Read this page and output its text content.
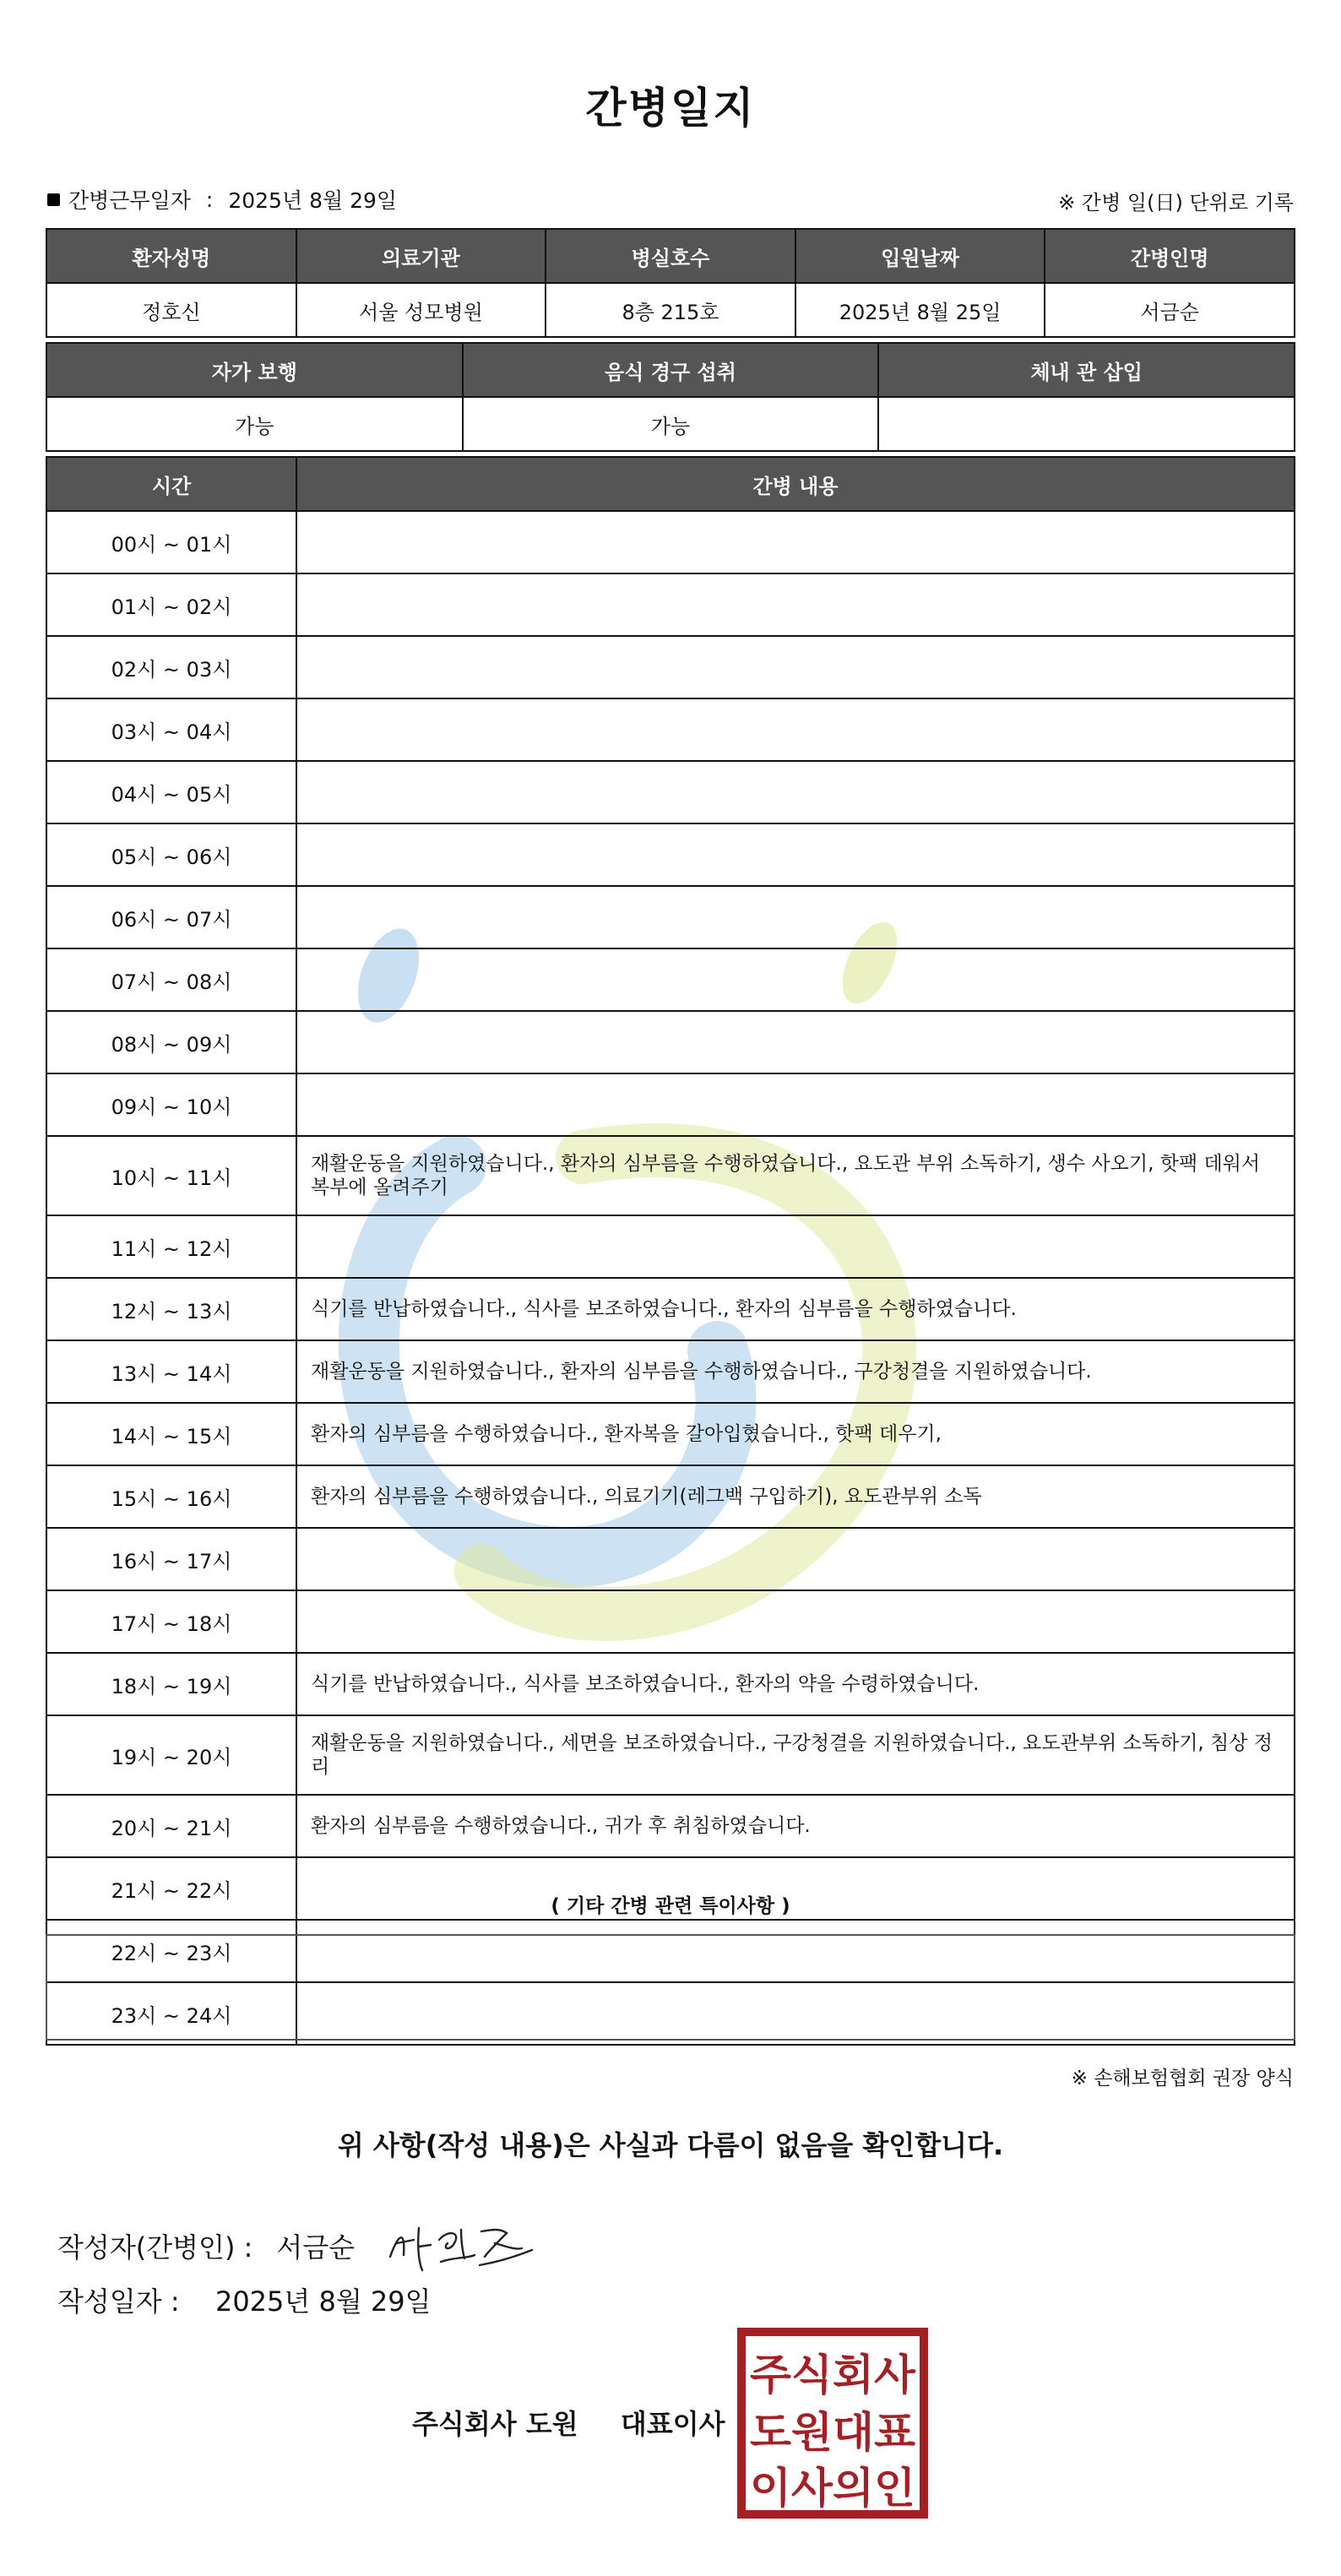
간병일지
간병근무일자 : 2025년 8월 29일	※ 간병 일(日) 단위로 기록
환자성명	의료기관	병실호수	입원날짜	간병인명
정호신	서울 성모병원	8층 215호	2025년 8월 25일	서금순
자가 보행	음식 경구 섭취	체내 관 삽입
가능	가능	
시간	간병 내용
00시 ~ 01시	
01시 ~ 02시	
02시 ~ 03시	
03시 ~ 04시	
04시 ~ 05시	
05시 ~ 06시	
06시 ~ 07시	
07시 ~ 08시	
08시 ~ 09시	
09시 ~ 10시	
10시 ~ 11시	재활운동을 지원하였습니다., 환자의 심부름을 수행하였습니다., 요도관 부위 소독하기, 생수 사오기, 핫팩 데워서 복부에 올려주기
11시 ~ 12시	
12시 ~ 13시	식기를 반납하였습니다., 식사를 보조하였습니다., 환자의 심부름을 수행하였습니다.
13시 ~ 14시	재활운동을 지원하였습니다., 환자의 심부름을 수행하였습니다., 구강청결을 지원하였습니다.
14시 ~ 15시	환자의 심부름을 수행하였습니다., 환자복을 갈아입혔습니다., 핫팩 데우기,
15시 ~ 16시	환자의 심부름을 수행하였습니다., 의료기기(레그백 구입하기), 요도관부위 소독
16시 ~ 17시	
17시 ~ 18시	
18시 ~ 19시	식기를 반납하였습니다., 식사를 보조하였습니다., 환자의 약을 수령하였습니다.
19시 ~ 20시	재활운동을 지원하였습니다., 세면을 보조하였습니다., 구강청결을 지원하였습니다., 요도관부위 소독하기, 침상 정리
20시 ~ 21시	환자의 심부름을 수행하였습니다., 귀가 후 취침하였습니다.
21시 ~ 22시	
22시 ~ 23시	
23시 ~ 24시	
( 기타 간병 관련 특이사항 )
※ 손해보험협회 권장 양식
위 사항(작성 내용)은 사실과 다름이 없음을 확인합니다.
작성자(간병인) : 서금순
작성일자 : 2025년 8월 29일
주식회사 도원 대표이사
주식회사
도원대표
이사의인
